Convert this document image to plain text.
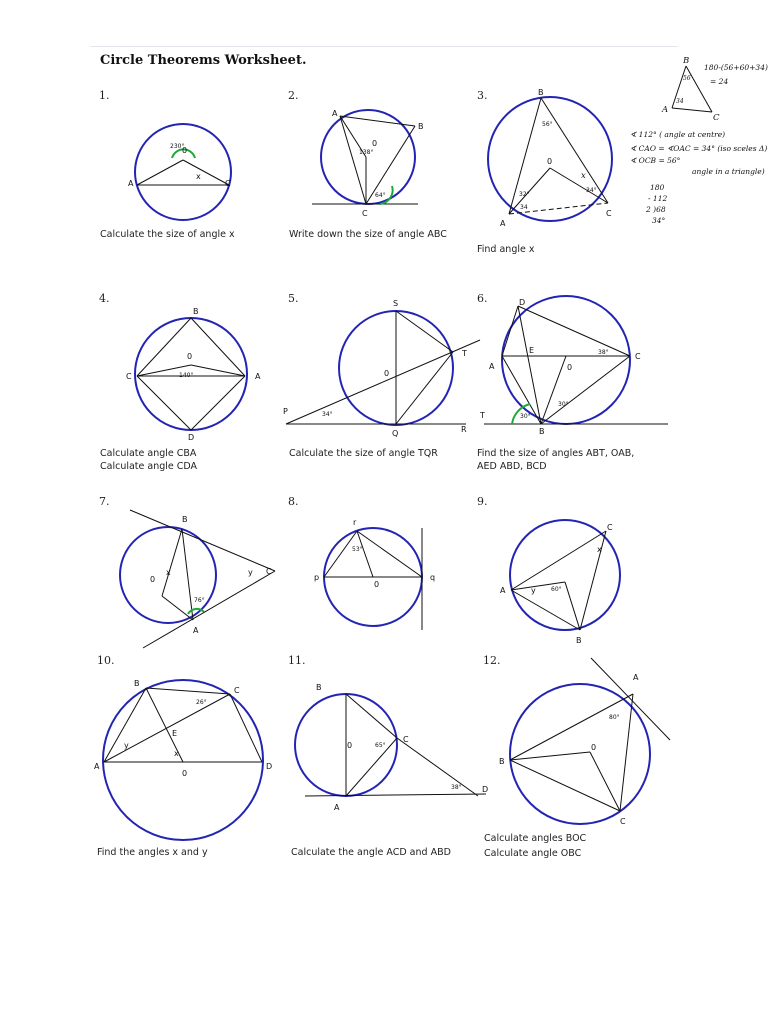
Circle Theorems Worksheet.
1.	2.	3.
4.	5.	6.
7.	8.	9.
10.	11.	12.
Calculate the size of angle x	Write down the size of angle ABC
Find angle x
Calculate angle CBA
Calculate angle CDA
Calculate the size of angle TQR	Find the size of angles ABT, OAB,
AED ABD, BCD
Find the angles x and y	Calculate the angle ACD and ABD
Calculate angles BOC
Calculate angle OBC
230°
0
A	C
x
A
B
C
0
138°
64°
B
A
C
0
56°
32°
34
34°
x
B
C	A
D
0
140°
S
T
P
Q	R
0
34°
D
A
E
0
C
T
B
38°
30°
30°
B
0
x	y C
A
76°
r
p	q
0
53°
C
x
A	y	60°
B
B
C
26°
E
y
x
A
0
D
B
0	65°
C
D
A
38°
A
80°
B
0
C
B
A
C
56
34
180-(56+60+34)
= 24
∢ 112° ( angle at centre)
∢ CAO = ∢OAC = 34° (iso sceles Δ)
∢ OCB = 56°
angle in a triangle)
180
- 112
2 )68
34°
